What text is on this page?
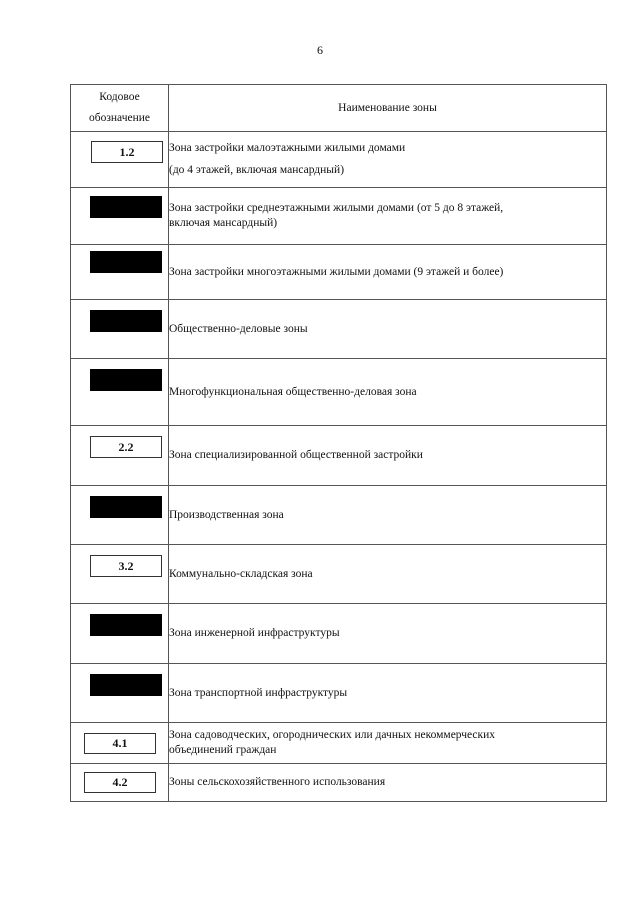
6
Кодовое
обозначение	Наименование зоны

1.2	Зона застройки малоэтажными жилыми домами
(до 4 этажей, включая мансардный)

	Зона застройки среднеэтажными жилыми домами (от 5 до 8 этажей,
включая мансардный)

	Зона застройки многоэтажными жилыми домами (9 этажей и более)

	Общественно-деловые зоны

	Многофункциональная общественно-деловая зона

2.2	Зона специализированной общественной застройки

	Производственная зона

3.2	Коммунально-складская зона

	Зона инженерной инфраструктуры

	Зона транспортной инфраструктуры

4.1	Зона садоводческих, огороднических или дачных некоммерческих
объединений граждан

4.2	Зоны сельскохозяйственного использования
